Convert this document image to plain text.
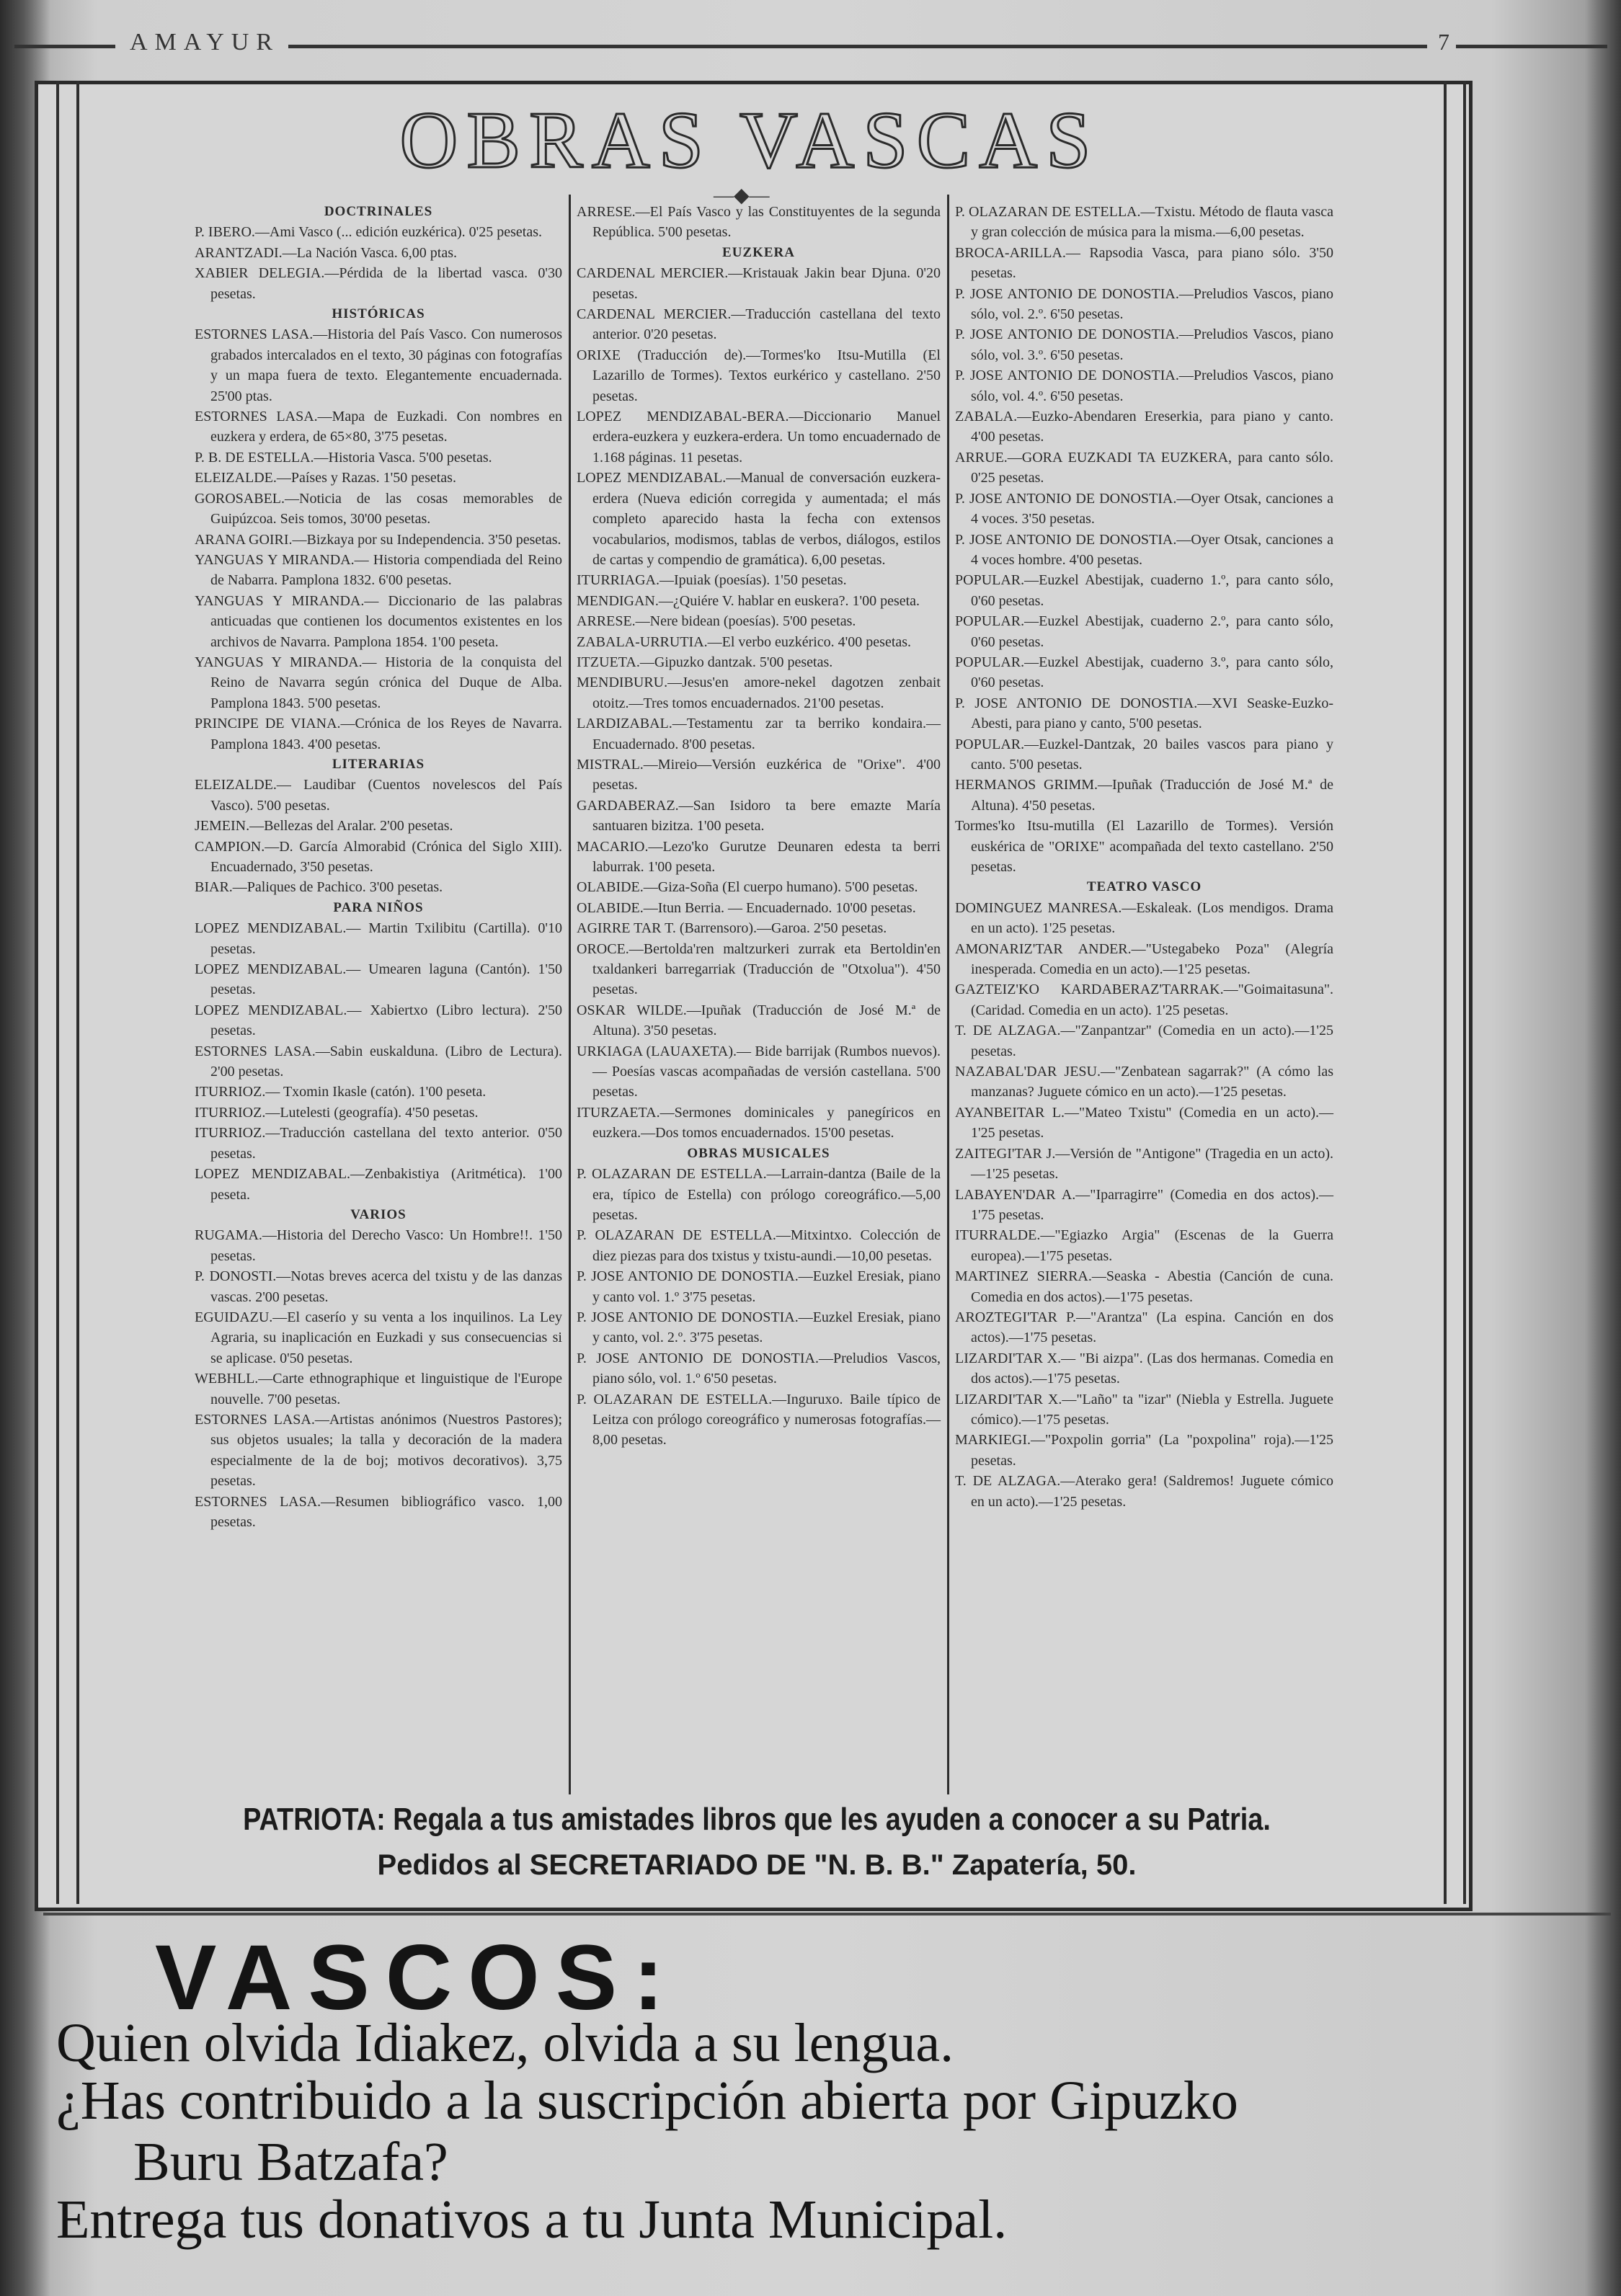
AMAYUR	7
OBRAS VASCAS
―◆―
DOCTRINALES

P. IBERO.—Ami Vasco (... edición euzkérica). 0'25 pesetas.

ARANTZADI.—La Nación Vasca. 6,00 ptas.

XABIER DELEGIA.—Pérdida de la libertad vasca. 0'30 pesetas.

HISTÓRICAS

ESTORNES LASA.—Historia del País Vasco. Con numerosos grabados intercalados en el texto, 30 páginas con fotografías y un mapa fuera de texto. Elegantemente encuadernada. 25'00 ptas.

ESTORNES LASA.—Mapa de Euzkadi. Con nombres en euzkera y erdera, de 65×80, 3'75 pesetas.

P. B. DE ESTELLA.—Historia Vasca. 5'00 pesetas.

ELEIZALDE.—Países y Razas. 1'50 pesetas.

GOROSABEL.—Noticia de las cosas memorables de Guipúzcoa. Seis tomos, 30'00 pesetas.

ARANA GOIRI.—Bizkaya por su Independencia. 3'50 pesetas.

YANGUAS Y MIRANDA.— Historia compendiada del Reino de Nabarra. Pamplona 1832. 6'00 pesetas.

YANGUAS Y MIRANDA.— Diccionario de las palabras anticuadas que contienen los documentos existentes en los archivos de Navarra. Pamplona 1854. 1'00 peseta.

YANGUAS Y MIRANDA.— Historia de la conquista del Reino de Navarra según crónica del Duque de Alba. Pamplona 1843. 5'00 pesetas.

PRINCIPE DE VIANA.—Crónica de los Reyes de Navarra. Pamplona 1843. 4'00 pesetas.

LITERARIAS

ELEIZALDE.— Laudibar (Cuentos novelescos del País Vasco). 5'00 pesetas.

JEMEIN.—Bellezas del Aralar. 2'00 pesetas.

CAMPION.—D. García Almorabid (Crónica del Siglo XIII). Encuadernado, 3'50 pesetas.

BIAR.—Paliques de Pachico. 3'00 pesetas.

PARA NIÑOS

LOPEZ MENDIZABAL.— Martin Txilibitu (Cartilla). 0'10 pesetas.

LOPEZ MENDIZABAL.— Umearen laguna (Cantón). 1'50 pesetas.

LOPEZ MENDIZABAL.— Xabiertxo (Libro lectura). 2'50 pesetas.

ESTORNES LASA.—Sabin euskalduna. (Libro de Lectura). 2'00 pesetas.

ITURRIOZ.— Txomin Ikasle (catón). 1'00 peseta.

ITURRIOZ.—Lutelesti (geografía). 4'50 pesetas.

ITURRIOZ.—Traducción castellana del texto anterior. 0'50 pesetas.

LOPEZ MENDIZABAL.—Zenbakistiya (Aritmética). 1'00 peseta.

VARIOS

RUGAMA.—Historia del Derecho Vasco: Un Hombre!!. 1'50 pesetas.

P. DONOSTI.—Notas breves acerca del txistu y de las danzas vascas. 2'00 pesetas.

EGUIDAZU.—El caserío y su venta a los inquilinos. La Ley Agraria, su inaplicación en Euzkadi y sus consecuencias si se aplicase. 0'50 pesetas.

WEBHLL.—Carte ethnographique et linguistique de l'Europe nouvelle. 7'00 pesetas.

ESTORNES LASA.—Artistas anónimos (Nuestros Pastores); sus objetos usuales; la talla y decoración de la madera especialmente de la de boj; motivos decorativos). 3,75 pesetas.

ESTORNES LASA.—Resumen bibliográfico vasco. 1,00 pesetas.

ARRESE.—El País Vasco y las Constituyentes de la segunda República. 5'00 pesetas.

EUZKERA

CARDENAL MERCIER.—Kristauak Jakin bear Djuna. 0'20 pesetas.

CARDENAL MERCIER.—Traducción castellana del texto anterior. 0'20 pesetas.

ORIXE (Traducción de).—Tormes'ko Itsu-Mutilla (El Lazarillo de Tormes). Textos eurkérico y castellano. 2'50 pesetas.

LOPEZ MENDIZABAL-BERA.—Diccionario Manuel erdera-euzkera y euzkera-erdera. Un tomo encuadernado de 1.168 páginas. 11 pesetas.

LOPEZ MENDIZABAL.—Manual de conversación euzkera-erdera (Nueva edición corregida y aumentada; el más completo aparecido hasta la fecha con extensos vocabularios, modismos, tablas de verbos, diálogos, estilos de cartas y compendio de gramática). 6,00 pesetas.

ITURRIAGA.—Ipuiak (poesías). 1'50 pesetas.

MENDIGAN.—¿Quiére V. hablar en euskera?. 1'00 peseta.

ARRESE.—Nere bidean (poesías). 5'00 pesetas.

ZABALA-URRUTIA.—El verbo euzkérico. 4'00 pesetas.

ITZUETA.—Gipuzko dantzak. 5'00 pesetas.

MENDIBURU.—Jesus'en amore-nekel dagotzen zenbait otoitz.—Tres tomos encuadernados. 21'00 pesetas.

LARDIZABAL.—Testamentu zar ta berriko kondaira.—Encuadernado. 8'00 pesetas.

MISTRAL.—Mireio—Versión euzkérica de "Orixe". 4'00 pesetas.

GARDABERAZ.—San Isidoro ta bere emazte María santuaren bizitza. 1'00 peseta.

MACARIO.—Lezo'ko Gurutze Deunaren edesta ta berri laburrak. 1'00 peseta.

OLABIDE.—Giza-Soña (El cuerpo humano). 5'00 pesetas.

OLABIDE.—Itun Berria. — Encuadernado. 10'00 pesetas.

AGIRRE TAR T. (Barrensoro).—Garoa. 2'50 pesetas.

OROCE.—Bertolda'ren maltzurkeri zurrak eta Bertoldin'en txaldankeri barregarriak (Traducción de "Otxolua"). 4'50 pesetas.

OSKAR WILDE.—Ipuñak (Traducción de José M.ª de Altuna). 3'50 pesetas.

URKIAGA (LAUAXETA).— Bide barrijak (Rumbos nuevos). — Poesías vascas acompañadas de versión castellana. 5'00 pesetas.

ITURZAETA.—Sermones dominicales y panegíricos en euzkera.—Dos tomos encuadernados. 15'00 pesetas.

OBRAS MUSICALES

P. OLAZARAN DE ESTELLA.—Larrain-dantza (Baile de la era, típico de Estella) con prólogo coreográfico.—5,00 pesetas.

P. OLAZARAN DE ESTELLA.—Mitxintxo. Colección de diez piezas para dos txistus y txistu-aundi.—10,00 pesetas.

P. JOSE ANTONIO DE DONOSTIA.—Euzkel Eresiak, piano y canto vol. 1.º 3'75 pesetas.

P. JOSE ANTONIO DE DONOSTIA.—Euzkel Eresiak, piano y canto, vol. 2.º. 3'75 pesetas.

P. JOSE ANTONIO DE DONOSTIA.—Preludios Vascos, piano sólo, vol. 1.º 6'50 pesetas.

P. OLAZARAN DE ESTELLA.—Inguruxo. Baile típico de Leitza con prólogo coreográfico y numerosas fotografías.—8,00 pesetas.

P. OLAZARAN DE ESTELLA.—Txistu. Método de flauta vasca y gran colección de música para la misma.—6,00 pesetas.

BROCA-ARILLA.— Rapsodia Vasca, para piano sólo. 3'50 pesetas.

P. JOSE ANTONIO DE DONOSTIA.—Preludios Vascos, piano sólo, vol. 2.º. 6'50 pesetas.

P. JOSE ANTONIO DE DONOSTIA.—Preludios Vascos, piano sólo, vol. 3.º. 6'50 pesetas.

P. JOSE ANTONIO DE DONOSTIA.—Preludios Vascos, piano sólo, vol. 4.º. 6'50 pesetas.

ZABALA.—Euzko-Abendaren Ereserkia, para piano y canto. 4'00 pesetas.

ARRUE.—GORA EUZKADI TA EUZKERA, para canto sólo. 0'25 pesetas.

P. JOSE ANTONIO DE DONOSTIA.—Oyer Otsak, canciones a 4 voces. 3'50 pesetas.

P. JOSE ANTONIO DE DONOSTIA.—Oyer Otsak, canciones a 4 voces hombre. 4'00 pesetas.

POPULAR.—Euzkel Abestijak, cuaderno 1.º, para canto sólo, 0'60 pesetas.

POPULAR.—Euzkel Abestijak, cuaderno 2.º, para canto sólo, 0'60 pesetas.

POPULAR.—Euzkel Abestijak, cuaderno 3.º, para canto sólo, 0'60 pesetas.

P. JOSE ANTONIO DE DONOSTIA.—XVI Seaske-Euzko-Abesti, para piano y canto, 5'00 pesetas.

POPULAR.—Euzkel-Dantzak, 20 bailes vascos para piano y canto. 5'00 pesetas.

HERMANOS GRIMM.—Ipuñak (Traducción de José M.ª de Altuna). 4'50 pesetas.

Tormes'ko Itsu-mutilla (El Lazarillo de Tormes). Versión euskérica de "ORIXE" acompañada del texto castellano. 2'50 pesetas.

TEATRO VASCO

DOMINGUEZ MANRESA.—Eskaleak. (Los mendigos. Drama en un acto). 1'25 pesetas.

AMONARIZ'TAR ANDER.—"Ustegabeko Poza" (Alegría inesperada. Comedia en un acto).—1'25 pesetas.

GAZTEIZ'KO KARDABERAZ'TARRAK.—"Goimaitasuna". (Caridad. Comedia en un acto). 1'25 pesetas.

T. DE ALZAGA.—"Zanpantzar" (Comedia en un acto).—1'25 pesetas.

NAZABAL'DAR JESU.—"Zenbatean sagarrak?" (A cómo las manzanas? Juguete cómico en un acto).—1'25 pesetas.

AYANBEITAR L.—"Mateo Txistu" (Comedia en un acto).—1'25 pesetas.

ZAITEGI'TAR J.—Versión de "Antigone" (Tragedia en un acto).—1'25 pesetas.

LABAYEN'DAR A.—"Iparragirre" (Comedia en dos actos).—1'75 pesetas.

ITURRALDE.—"Egiazko Argia" (Escenas de la Guerra europea).—1'75 pesetas.

MARTINEZ SIERRA.—Seaska - Abestia (Canción de cuna. Comedia en dos actos).—1'75 pesetas.

AROZTEGI'TAR P.—"Arantza" (La espina. Canción en dos actos).—1'75 pesetas.

LIZARDI'TAR X.— "Bi aizpa". (Las dos hermanas. Comedia en dos actos).—1'75 pesetas.

LIZARDI'TAR X.—"Laño" ta "izar" (Niebla y Estrella. Juguete cómico).—1'75 pesetas.

MARKIEGI.—"Poxpolin gorria" (La "poxpolina" roja).—1'25 pesetas.

T. DE ALZAGA.—Aterako gera! (Saldremos! Juguete cómico en un acto).—1'25 pesetas.

PATRIOTA: Regala a tus amistades libros que les ayuden a conocer a su Patria.
Pedidos al SECRETARIADO DE "N. B. B." Zapatería, 50.
VASCOS:
Quien olvida Idiakez, olvida a su lengua.
¿Has contribuido a la suscripción abierta por Gipuzko
Buru Batzafa?
Entrega tus donativos a tu Junta Municipal.
